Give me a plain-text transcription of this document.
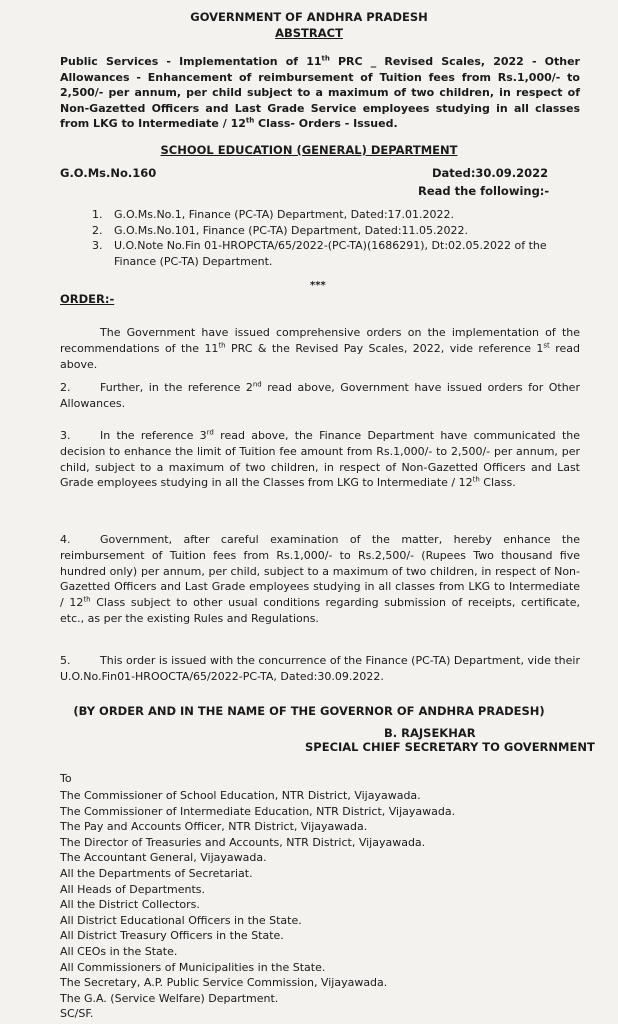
GOVERNMENT OF ANDHRA PRADESH
ABSTRACT
Public Services - Implementation of 11th PRC _ Revised Scales, 2022 - Other Allowances - Enhancement of reimbursement of Tuition fees from Rs.1,000/- to 2,500/- per annum, per child subject to a maximum of two children, in respect of Non-Gazetted Officers and Last Grade Service employees studying in all classes from LKG to Intermediate / 12th Class- Orders - Issued.
SCHOOL EDUCATION (GENERAL) DEPARTMENT
G.O.Ms.No.160	Dated:30.09.2022
Read the following:-
1.	G.O.Ms.No.1, Finance (PC-TA) Department, Dated:17.01.2022.
2.	G.O.Ms.No.101, Finance (PC-TA) Department, Dated:11.05.2022.
3.	U.O.Note No.Fin 01-HROPCTA/65/2022-(PC-TA)(1686291), Dt:02.05.2022 of the Finance (PC-TA) Department.
***
ORDER:-
The Government have issued comprehensive orders on the implementation of the recommendations of the 11th PRC & the Revised Pay Scales, 2022, vide reference 1st read above.
2.	Further, in the reference 2nd read above, Government have issued orders for Other Allowances.
3.	In the reference 3rd read above, the Finance Department have communicated the decision to enhance the limit of Tuition fee amount from Rs.1,000/- to 2,500/- per annum, per child, subject to a maximum of two children, in respect of Non-Gazetted Officers and Last Grade employees studying in all the Classes from LKG to Intermediate / 12th Class.
4.	Government, after careful examination of the matter, hereby enhance the reimbursement of Tuition fees from Rs.1,000/- to Rs.2,500/- (Rupees Two thousand five hundred only) per annum, per child, subject to a maximum of two children, in respect of Non-Gazetted Officers and Last Grade employees studying in all classes from LKG to Intermediate / 12th Class subject to other usual conditions regarding submission of receipts, certificate, etc., as per the existing Rules and Regulations.
5.	This order is issued with the concurrence of the Finance (PC-TA) Department, vide their U.O.No.Fin01-HROOCTA/65/2022-PC-TA, Dated:30.09.2022.
(BY ORDER AND IN THE NAME OF THE GOVERNOR OF ANDHRA PRADESH)
B. RAJSEKHAR
SPECIAL CHIEF SECRETARY TO GOVERNMENT
To
The Commissioner of School Education, NTR District, Vijayawada.
The Commissioner of Intermediate Education, NTR District, Vijayawada.
The Pay and Accounts Officer, NTR District, Vijayawada.
The Director of Treasuries and Accounts, NTR District, Vijayawada.
The Accountant General, Vijayawada.
All the Departments of Secretariat.
All Heads of Departments.
All the District Collectors.
All District Educational Officers in the State.
All District Treasury Officers in the State.
All CEOs in the State.
All Commissioners of Municipalities in the State.
The Secretary, A.P. Public Service Commission, Vijayawada.
The G.A. (Service Welfare) Department.
SC/SF.
